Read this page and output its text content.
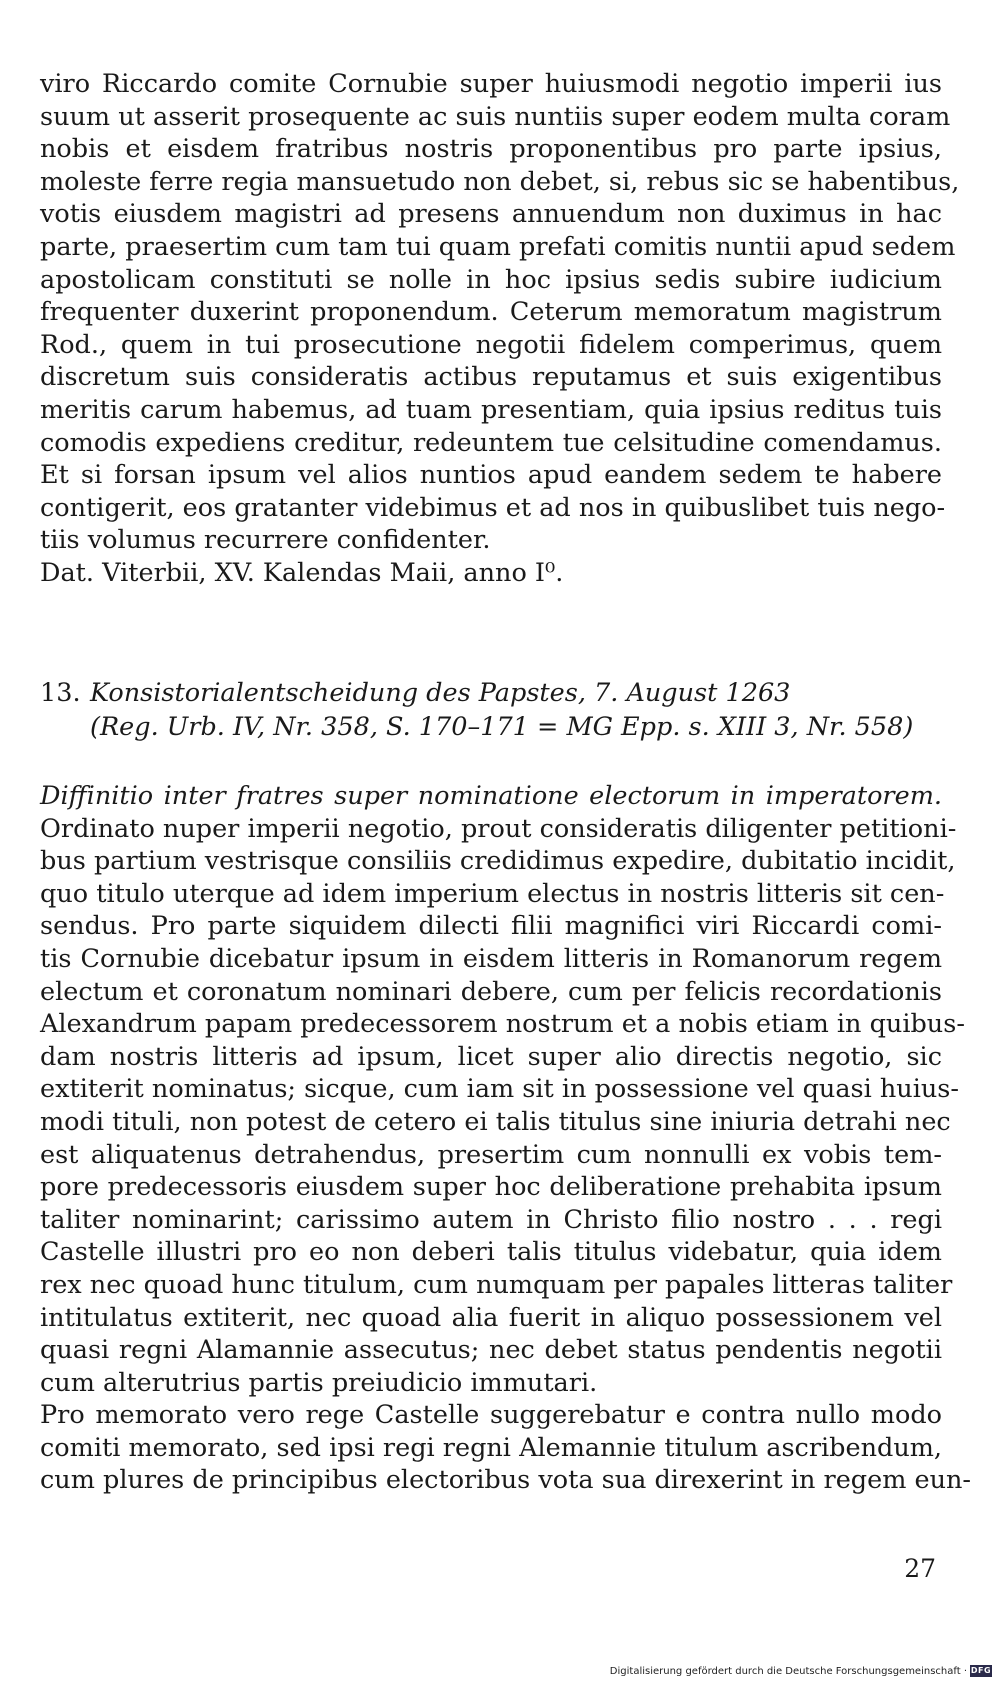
viro Riccardo comite Cornubie super huiusmodi negotio imperii ius
suum ut asserit prosequente ac suis nuntiis super eodem multa coram
nobis et eisdem fratribus nostris proponentibus pro parte ipsius,
moleste ferre regia mansuetudo non debet, si, rebus sic se habentibus,
votis eiusdem magistri ad presens annuendum non duximus in hac
parte, praesertim cum tam tui quam prefati comitis nuntii apud sedem
apostolicam constituti se nolle in hoc ipsius sedis subire iudicium
frequenter duxerint proponendum. Ceterum memoratum magistrum
Rod., quem in tui prosecutione negotii fidelem comperimus, quem
discretum suis consideratis actibus reputamus et suis exigentibus
meritis carum habemus, ad tuam presentiam, quia ipsius reditus tuis
comodis expediens creditur, redeuntem tue celsitudine comendamus.
Et si forsan ipsum vel alios nuntios apud eandem sedem te habere
contigerit, eos gratanter videbimus et ad nos in quibuslibet tuis nego-
tiis volumus recurrere confidenter.
Dat. Viterbii, XV. Kalendas Maii, anno I⁰.
13. Konsistorialentscheidung des Papstes, 7. August 1263
(Reg. Urb. IV, Nr. 358, S. 170–171 = MG Epp. s. XIII 3, Nr. 558)
Diffinitio inter fratres super nominatione electorum in imperatorem.
Ordinato nuper imperii negotio, prout consideratis diligenter petitioni-
bus partium vestrisque consiliis credidimus expedire, dubitatio incidit,
quo titulo uterque ad idem imperium electus in nostris litteris sit cen-
sendus. Pro parte siquidem dilecti filii magnifici viri Riccardi comi-
tis Cornubie dicebatur ipsum in eisdem litteris in Romanorum regem
electum et coronatum nominari debere, cum per felicis recordationis
Alexandrum papam predecessorem nostrum et a nobis etiam in quibus-
dam nostris litteris ad ipsum, licet super alio directis negotio, sic
extiterit nominatus; sicque, cum iam sit in possessione vel quasi huius-
modi tituli, non potest de cetero ei talis titulus sine iniuria detrahi nec
est aliquatenus detrahendus, presertim cum nonnulli ex vobis tem-
pore predecessoris eiusdem super hoc deliberatione prehabita ipsum
taliter nominarint; carissimo autem in Christo filio nostro . . . regi
Castelle illustri pro eo non deberi talis titulus videbatur, quia idem
rex nec quoad hunc titulum, cum numquam per papales litteras taliter
intitulatus extiterit, nec quoad alia fuerit in aliquo possessionem vel
quasi regni Alamannie assecutus; nec debet status pendentis negotii
cum alterutrius partis preiudicio immutari.
Pro memorato vero rege Castelle suggerebatur e contra nullo modo
comiti memorato, sed ipsi regi regni Alemannie titulum ascribendum,
cum plures de principibus electoribus vota sua direxerint in regem eun-
27
Digitalisierung gefördert durch die Deutsche Forschungsgemeinschaft · DFG
